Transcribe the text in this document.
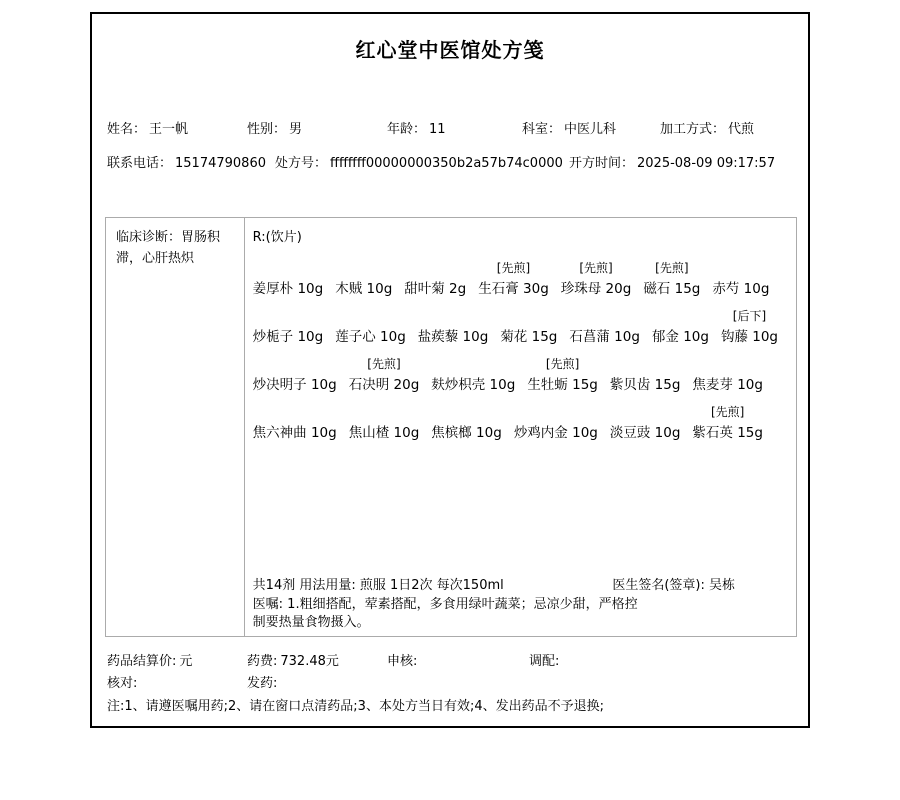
红心堂中医馆处方笺
姓名： 王一帆	性别： 男	年龄： 11	科室： 中医儿科	加工方式： 代煎
联系电话： 15174790860 处方号： ffffffff00000000350b2a57b74c0000 开方时间： 2025-08-09 09:17:57
临床诊断：胃肠积滞，心肝热炽
R:(饮片)
姜厚朴 10g 木贼 10g 甜叶菊 2g
[先煎]
生石膏 30g
[先煎]
珍珠母 20g
[先煎]
磁石 15g 赤芍 10g
炒栀子 10g 莲子心 10g 盐蒺藜 10g 菊花 15g 石菖蒲 10g 郁金 10g
[后下]
钩藤 10g
炒决明子 10g
[先煎]
石决明 20g 麸炒枳壳 10g
[先煎]
生牡蛎 15g 紫贝齿 15g 焦麦芽 10g
焦六神曲 10g 焦山楂 10g 焦槟榔 10g 炒鸡内金 10g 淡豆豉 10g
[先煎]
紫石英 15g
共14剂 用法用量: 煎服 1日2次 每次150ml	医生签名(签章): 吴栋
医嘱: 1.粗细搭配，荤素搭配，多食用绿叶蔬菜；忌凉少甜，严格控制要热量食物摄入。
药品结算价: 元	药费: 732.48元	申核:	调配:
核对:	发药:
注:1、请遵医嘱用药;2、请在窗口点清药品;3、本处方当日有效;4、发出药品不予退换;
